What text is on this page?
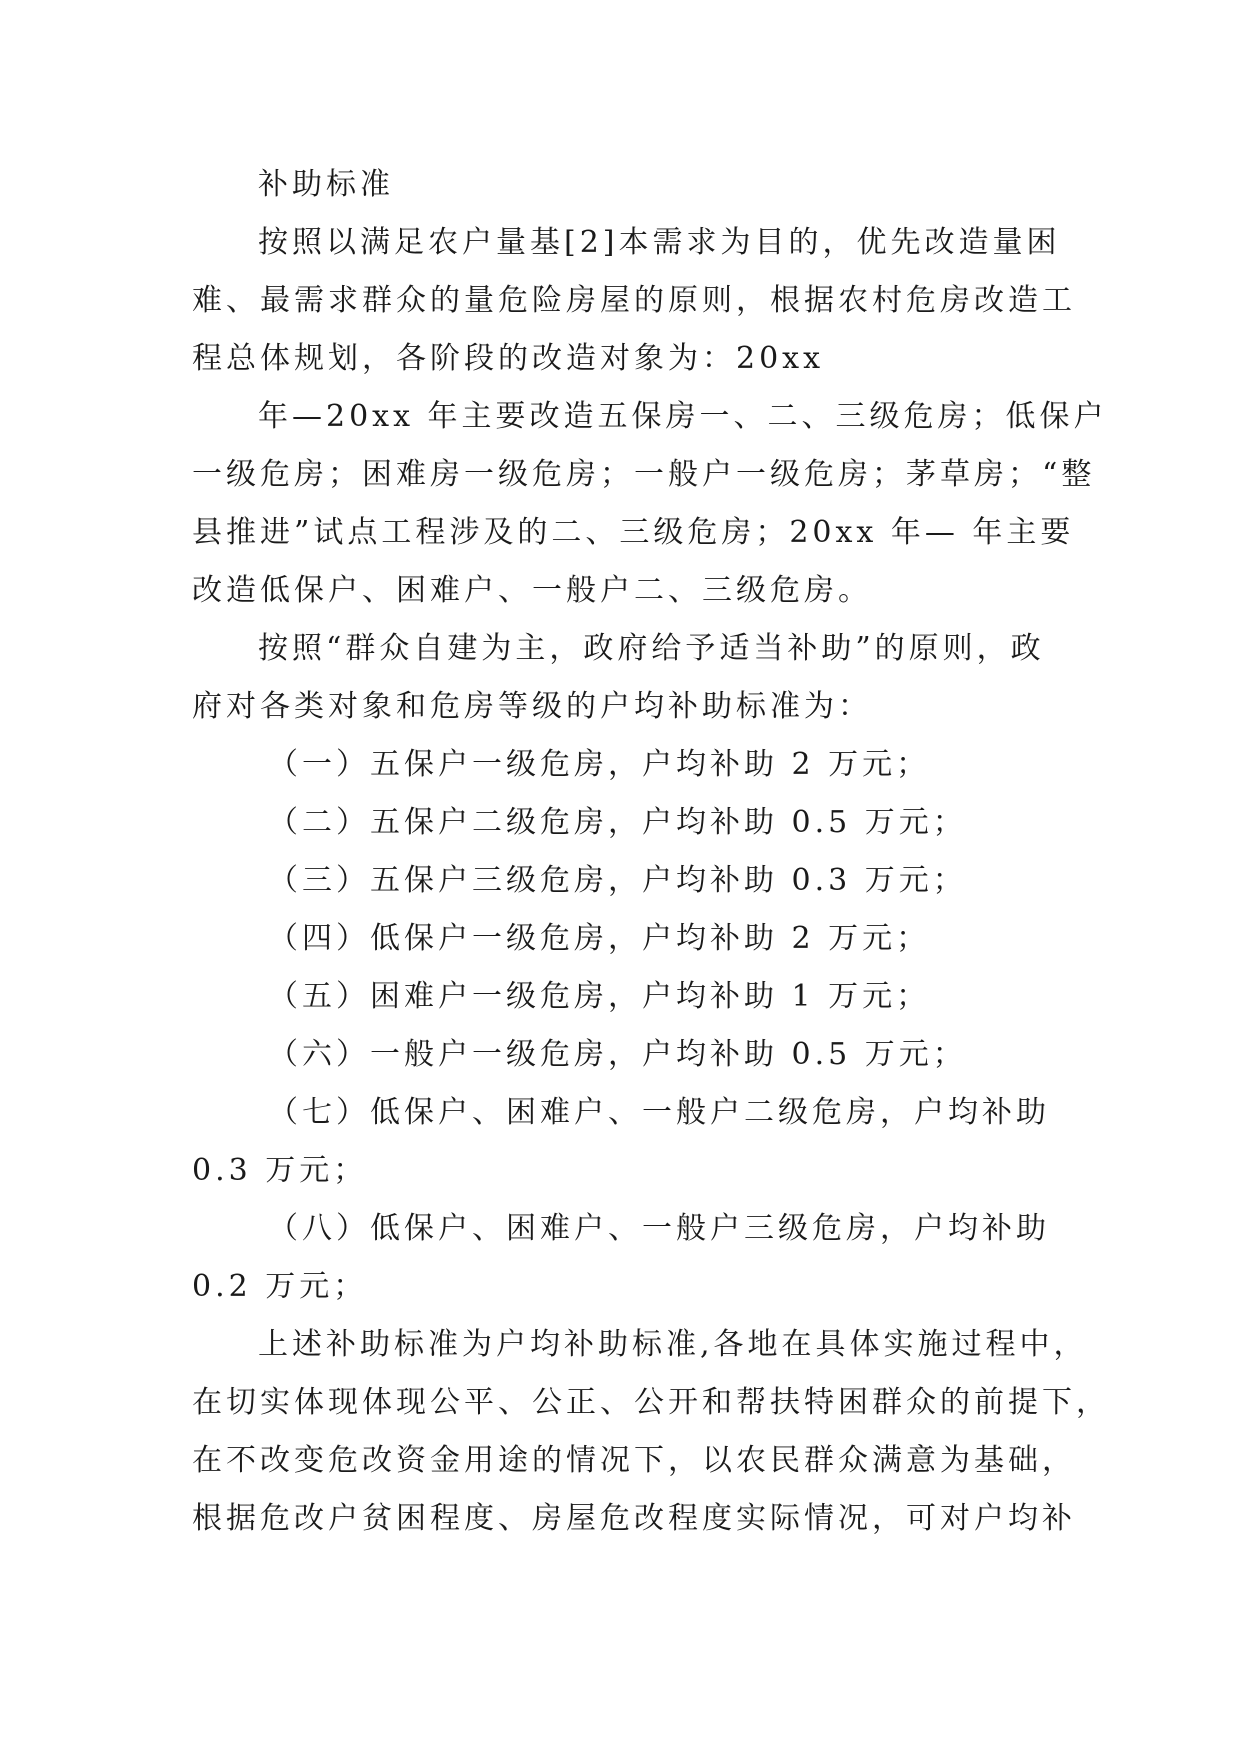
补助标准
按照以满足农户量基[2]本需求为目的，优先改造量困
难、最需求群众的量危险房屋的原则，根据农村危房改造工
程总体规划，各阶段的改造对象为：20xx
年—20xx 年主要改造五保房一、二、三级危房；低保户
一级危房；困难房一级危房；一般户一级危房；茅草房；“整
县推进”试点工程涉及的二、三级危房；20xx 年— 年主要
改造低保户、困难户、一般户二、三级危房。
按照“群众自建为主，政府给予适当补助”的原则，政
府对各类对象和危房等级的户均补助标准为：
（一）五保户一级危房，户均补助 2 万元；
（二）五保户二级危房，户均补助 0.5 万元；
（三）五保户三级危房，户均补助 0.3 万元；
（四）低保户一级危房，户均补助 2 万元；
（五）困难户一级危房，户均补助 1 万元；
（六）一般户一级危房，户均补助 0.5 万元；
（七）低保户、困难户、一般户二级危房，户均补助
0.3 万元；
（八）低保户、困难户、一般户三级危房，户均补助
0.2 万元；
上述补助标准为户均补助标准,各地在具体实施过程中，
在切实体现体现公平、公正、公开和帮扶特困群众的前提下，
在不改变危改资金用途的情况下，以农民群众满意为基础，
根据危改户贫困程度、房屋危改程度实际情况，可对户均补
